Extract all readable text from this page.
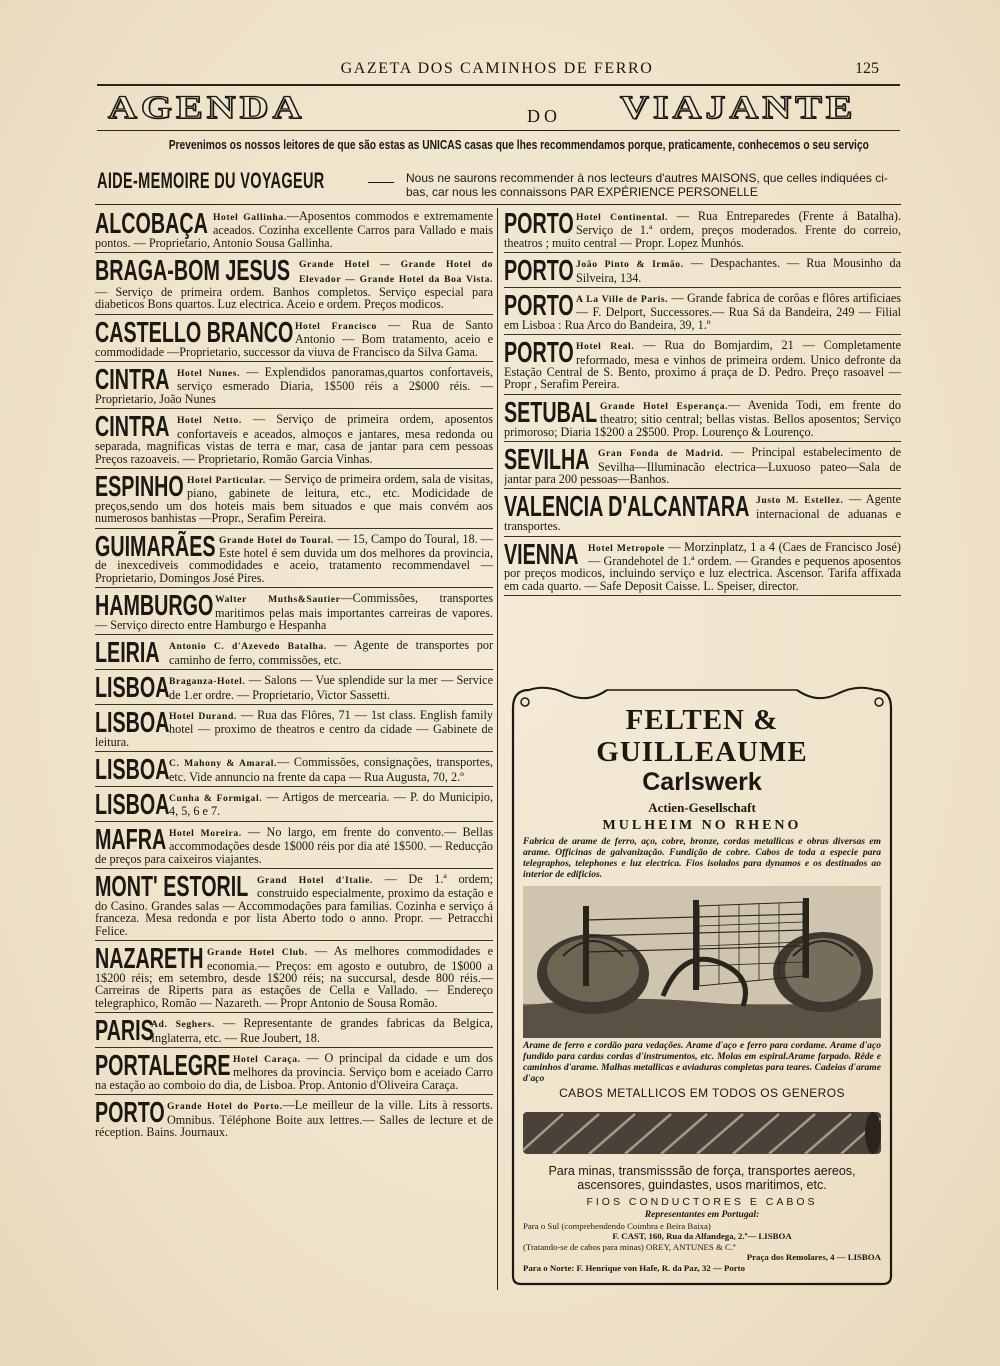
GAZETA DOS CAMINHOS DE FERRO	125
AGENDA	DO VIAJANTE
Prevenimos os nossos leitores de que são estas as UNICAS casas que lhes recommendamos porque, praticamente, conhecemos o seu serviço
AIDE-MEMOIRE DU VOYAGEUR	Nous ne saurons recommender à nos lecteurs d'autres MAISONS, que celles indiquées ci-bas, car nous les connaissons PAR EXPÉRIENCE PERSONELLE
ALCOBAÇA Hotel Gallinha.—Aposentos commodos e extremamente aceados. Cozinha excellente Carros para Vallado e mais pontos. — Proprietario, Antonio Sousa Gallinha.
BRAGA-BOM JESUS Grande Hotel — Grande Hotel do Elevador — Grande Hotel da Boa Vista. — Serviço de primeira ordem. Banhos completos. Serviço especial para diabeticos Bons quartos. Luz electrica. Aceio e ordem. Preços modicos.
CASTELLO BRANCO Hotel Francisco — Rua de Santo Antonio — Bom tratamento, aceio e commodidade —Proprietario, successor da viuva de Francisco da Silva Gama.
CINTRA Hotel Nunes. — Explendidos panoramas,quartos confortaveis, serviço esmerado Diaria, 1$500 réis a 2$000 réis. — Proprietario, João Nunes
CINTRA Hotel Netto. — Serviço de primeira ordem, aposentos confortaveis e aceados, almoços e jantares, mesa redonda ou separada, magnificas vistas de terra e mar, casa de jantar para cem pessoas Preços razoaveis. — Proprietario, Romão Garcia Vinhas.
ESPINHO Hotel Particular. — Serviço de primeira ordem, sala de visitas, piano, gabinete de leitura, etc., etc. Modicidade de preços,sendo um dos hoteis mais bem situados e que mais convém aos numerosos banhistas —Propr., Serafim Pereira.
GUIMARÃES Grande Hotel do Toural. — 15, Campo do Toural, 18. — Este hotel é sem duvida um dos melhores da provincia, de inexcediveis commodidades e aceio, tratamento recommendavel — Proprietario, Domingos José Pires.
HAMBURGO Walter Muths&Sautier—Commissões, transportes maritimos pelas mais importantes carreiras de vapores.— Serviço directo entre Hamburgo e Hespanha
LEIRIA Antonio C. d'Azevedo Batalha. — Agente de transportes por caminho de ferro, commissões, etc.
LISBOA Braganza-Hotel. — Salons — Vue splendide sur la mer — Service de 1.er ordre. — Proprietario, Victor Sassetti.
LISBOA Hotel Durand. — Rua das Flôres, 71 — 1st class. English family hotel — proximo de theatros e centro da cidade — Gabinete de leitura.
LISBOA C. Mahony & Amaral.— Commissões, consignações, transportes, etc. Vide annuncio na frente da capa — Rua Augusta, 70, 2.º
LISBOA Cunha & Formigal. — Artigos de mercearia. — P. do Municipio, 4, 5, 6 e 7.
MAFRA Hotel Moreira. — No largo, em frente do convento.— Bellas accommodações desde 1$000 réis por dia até 1$500. — Reducção de preços para caixeiros viajantes.
MONT' ESTORIL Grand Hotel d'Italie. — De 1.ª ordem; construido especialmente, proximo da estação e do Casino. Grandes salas — Accommodações para familias. Cozinha e serviço á franceza. Mesa redonda e por lista Aberto todo o anno. Propr. — Petracchi Felice.
NAZARETH Grande Hotel Club. — As melhores commodidades e economia.— Preços: em agosto e outubro, de 1$000 a 1$200 réis; em setembro, desde 1$200 réis; na succursal, desde 800 réis.— Carreiras de Riperts para as estações de Cella e Vallado. — Endereço telegraphico, Romão — Nazareth. — Propr Antonio de Sousa Romão.
PARIS
Ad. Seghers. — Representante de grandes fabricas da Belgica, Inglaterra, etc. — Rue Joubert, 18.
PORTALEGRE Hotel Caraça. — O principal da cidade e um dos melhores da provincia. Serviço bom e aceiado Carro na estação ao comboio do dia, de Lisboa. Prop. Antonio d'Oliveira Caraça.
PORTO Grande Hotel do Porto.—Le meilleur de la ville. Lits à ressorts. Omnibus. Téléphone Boite aux lettres.— Salles de lecture et de réception. Bains. Journaux.
PORTO Hotel Continental. — Rua Entreparedes (Frente á Batalha). Serviço de 1.ª ordem, preços moderados. Frente do correio, theatros ; muito central — Propr. Lopez Munhós.
PORTO João Pinto & Irmão. — Despachantes. — Rua Mousinho da Silveira, 134.
PORTO A La Ville de Paris. — Grande fabrica de corôas e flôres artificiaes — F. Delport, Successores.— Rua Sá da Bandeira, 249 — Filial em Lisboa : Rua Arco do Bandeira, 39, 1.º
PORTO Hotel Real. — Rua do Bomjardim, 21 — Completamente reformado, mesa e vinhos de primeira ordem. Unico defronte da Estação Central de S. Bento, proximo á praça de D. Pedro. Preço rasoavel — Propr , Serafim Pereira.
SETUBAL Grande Hotel Esperança.— Avenida Todi, em frente do theatro; sitio central; bellas vistas. Bellos aposentos; Serviço primoroso; Diaria 1$200 a 2$500. Prop. Lourenço & Lourenço.
SEVILHA Gran Fonda de Madrid. — Principal estabelecimento de Sevilha—Illuminacão electrica—Luxuoso pateo—Sala de jantar para 200 pessoas—Banhos.
VALENCIA D'ALCANTARA Justo M. Estellez. — Agente internacional de aduanas e transportes.
VIENNA Hotel Metropole — Morzinplatz, 1 a 4 (Caes de Francisco José) — Grandehotel de 1.ª ordem. — Grandes e pequenos aposentos por preços modicos, incluindo serviço e luz electrica. Ascensor. Tarifa affixada em cada quarto. — Safe Deposit Caisse. L. Speiser, director.
FELTEN & GUILLEAUME
Carlswerk
Actien-Gesellschaft
MULHEIM NO RHENO
Fabrica de arame de ferro, aço, cobre, bronze, cordas metallicas e obras diversas em arame. Officinas de galvanização. Fundição de cobre. Cabos de toda a especie para telegraphos, telephones e luz electrica. Fios isolados para dynamos e os destinados ao interior de edificios.
Arame de ferro e cordão para vedações. Arame d'aço e ferro para cordame. Arame d'aço fundido para cardas cordas d'instrumentos, etc. Molas em espiral.Arame farpado. Rêde e caminhos d'arame. Malhas metallicas e aviaduras completas para teares. Cadeias d'arame d'aço
CABOS METALLICOS EM TODOS OS GENEROS
Para minas, transmisssão de força, transportes aereos, ascensores, guindastes, usos maritimos, etc.
FIOS CONDUCTORES E CABOS
Representantes em Portugal:
Para o Sul (comprehendendo Coimbra e Beira Baixa)
F. CAST, 160, Rua da Alfandega, 2.º— LISBOA
(Tratando-se de cabos para minas) OREY, ANTUNES & C.ª
Praça dos Remolares, 4 — LISBOA
Para o Norte: F. Henrique von Hafe, R. da Paz, 32 — Porto
